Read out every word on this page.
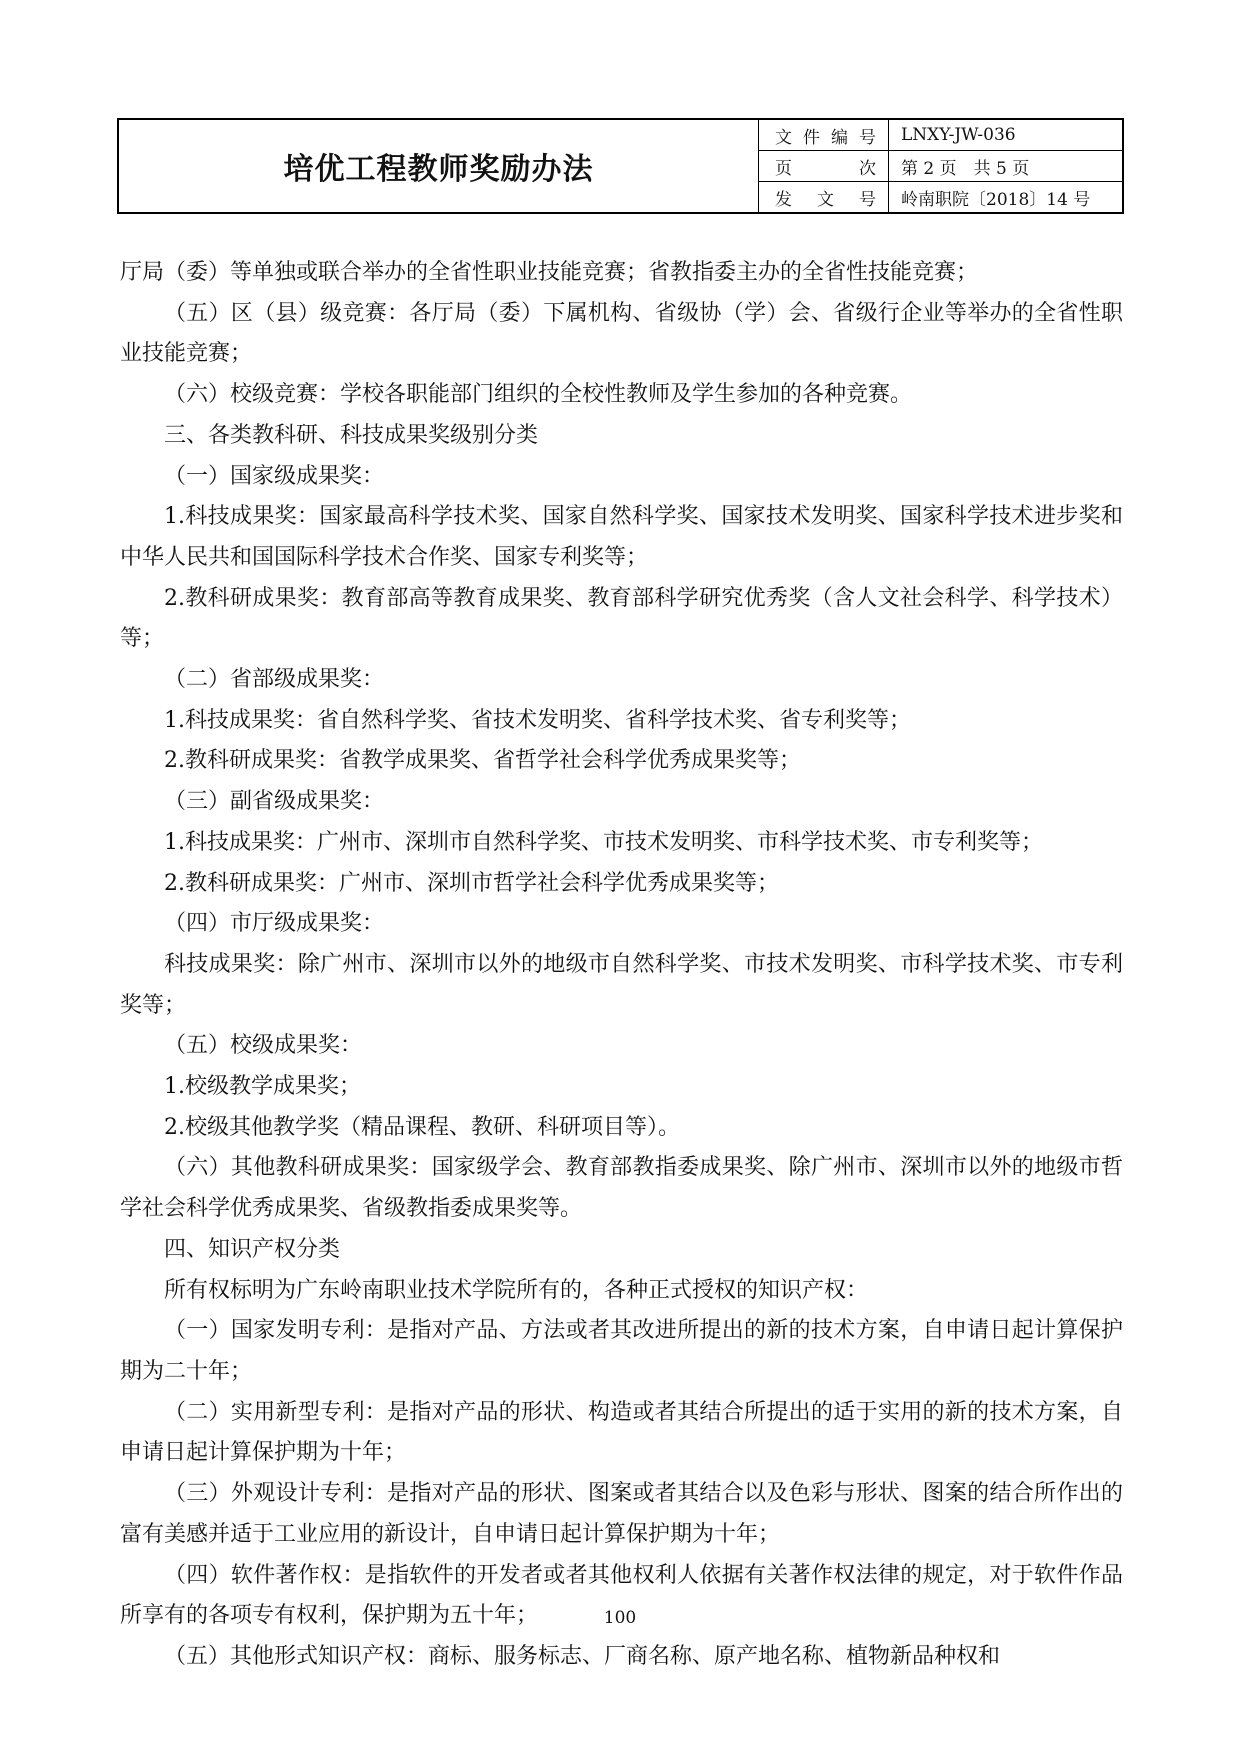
培优工程教师奖励办法
文 件 编 号	LNXY-JW-036
页	次	第 2 页　共 5 页
发 文 号	岭南职院〔2018〕14 号

厅局（委）等单独或联合举办的全省性职业技能竞赛；省教指委主办的全省性技能竞赛；

（五）区（县）级竞赛：各厅局（委）下属机构、省级协（学）会、省级行企业等举办的全省性职业技能竞赛；

（六）校级竞赛：学校各职能部门组织的全校性教师及学生参加的各种竞赛。

三、各类教科研、科技成果奖级别分类

（一）国家级成果奖：

1.科技成果奖：国家最高科学技术奖、国家自然科学奖、国家技术发明奖、国家科学技术进步奖和中华人民共和国国际科学技术合作奖、国家专利奖等；

2.教科研成果奖：教育部高等教育成果奖、教育部科学研究优秀奖（含人文社会科学、科学技术）等；

（二）省部级成果奖：

1.科技成果奖：省自然科学奖、省技术发明奖、省科学技术奖、省专利奖等；

2.教科研成果奖：省教学成果奖、省哲学社会科学优秀成果奖等；

（三）副省级成果奖：

1.科技成果奖：广州市、深圳市自然科学奖、市技术发明奖、市科学技术奖、市专利奖等；

2.教科研成果奖：广州市、深圳市哲学社会科学优秀成果奖等；

（四）市厅级成果奖：

科技成果奖：除广州市、深圳市以外的地级市自然科学奖、市技术发明奖、市科学技术奖、市专利奖等；

（五）校级成果奖：

1.校级教学成果奖；

2.校级其他教学奖（精品课程、教研、科研项目等）。

（六）其他教科研成果奖：国家级学会、教育部教指委成果奖、除广州市、深圳市以外的地级市哲学社会科学优秀成果奖、省级教指委成果奖等。

四、知识产权分类

所有权标明为广东岭南职业技术学院所有的，各种正式授权的知识产权：

（一）国家发明专利：是指对产品、方法或者其改进所提出的新的技术方案，自申请日起计算保护期为二十年；

（二）实用新型专利：是指对产品的形状、构造或者其结合所提出的适于实用的新的技术方案，自申请日起计算保护期为十年；

（三）外观设计专利：是指对产品的形状、图案或者其结合以及色彩与形状、图案的结合所作出的富有美感并适于工业应用的新设计，自申请日起计算保护期为十年；

（四）软件著作权：是指软件的开发者或者其他权利人依据有关著作权法律的规定，对于软件作品所享有的各项专有权利，保护期为五十年；

（五）其他形式知识产权：商标、服务标志、厂商名称、原产地名称、植物新品种权和

100
